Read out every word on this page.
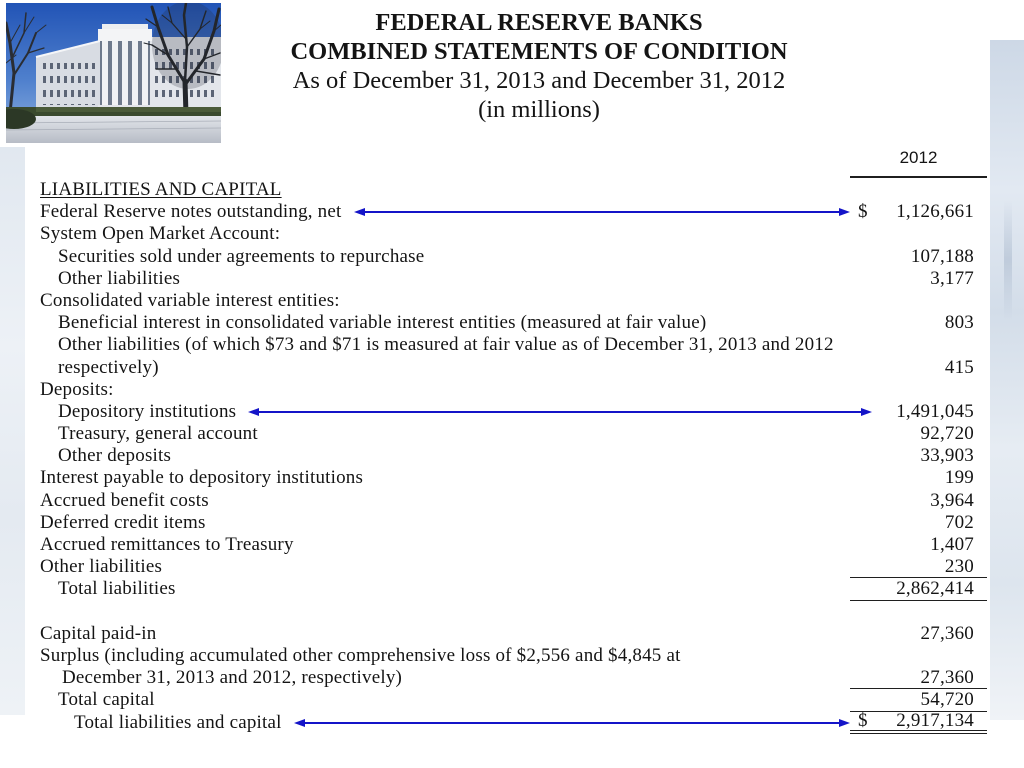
FEDERAL RESERVE BANKS
COMBINED STATEMENTS OF CONDITION
As of December 31, 2013 and December 31, 2012
(in millions)
2012
LIABILITIES AND CAPITAL
Federal Reserve notes outstanding, net	$	1,126,661
System Open Market Account:
Securities sold under agreements to repurchase	107,188
Other liabilities	3,177
Consolidated variable interest entities:
Beneficial interest in consolidated variable interest entities (measured at fair value)	803
Other liabilities (of which $73 and $71 is measured at fair value as of December 31, 2013 and 2012
respectively)	415
Deposits:
Depository institutions	1,491,045
Treasury, general account	92,720
Other deposits	33,903
Interest payable to depository institutions	199
Accrued benefit costs	3,964
Deferred credit items	702
Accrued remittances to Treasury	1,407
Other liabilities	230
Total liabilities	2,862,414
Capital paid-in	27,360
Surplus (including accumulated other comprehensive loss of $2,556 and $4,845 at
December 31, 2013 and 2012, respectively)	27,360
Total capital	54,720
Total liabilities and capital	$	2,917,134
